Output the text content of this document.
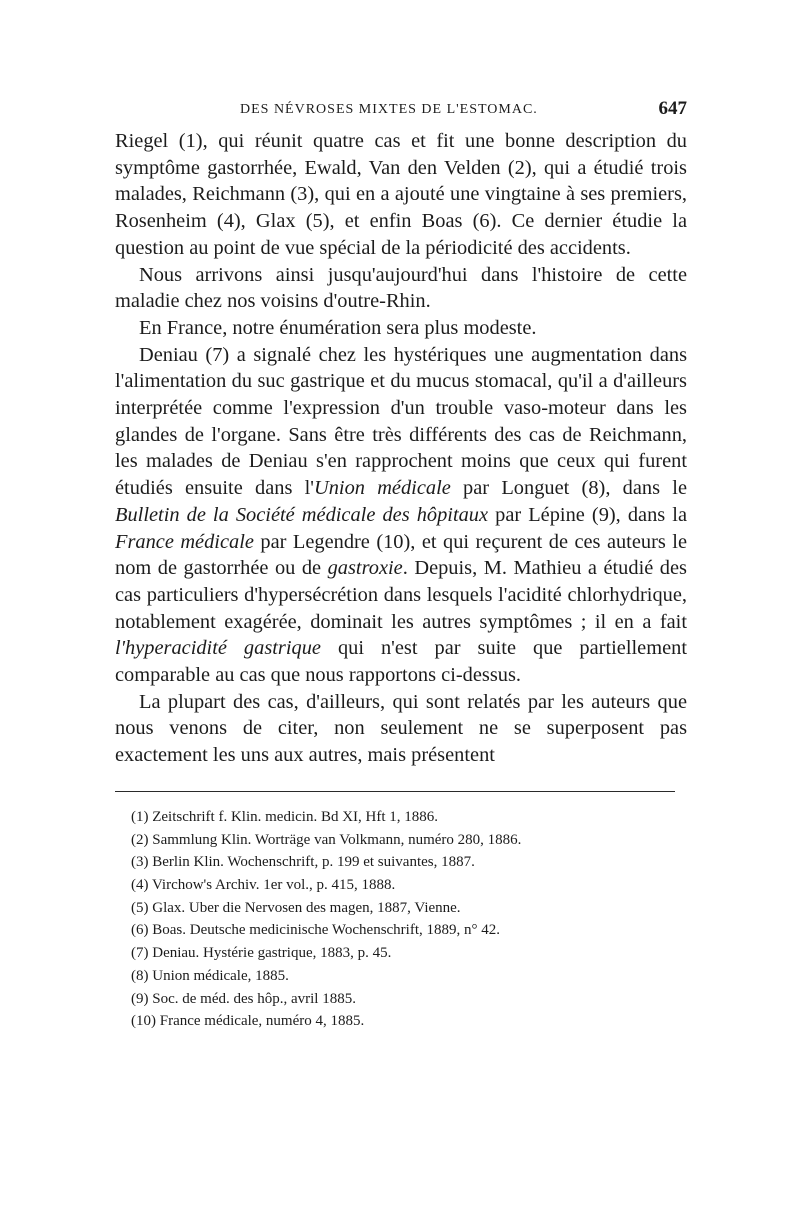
DES NÉVROSES MIXTES DE L'ESTOMAC.	647

Riegel (1), qui réunit quatre cas et fit une bonne description du symptôme gastorrhée, Ewald, Van den Velden (2), qui a étudié trois malades, Reichmann (3), qui en a ajouté une vingtaine à ses premiers, Rosenheim (4), Glax (5), et enfin Boas (6). Ce dernier étudie la question au point de vue spécial de la périodicité des accidents.

Nous arrivons ainsi jusqu'aujourd'hui dans l'histoire de cette maladie chez nos voisins d'outre-Rhin.

En France, notre énumération sera plus modeste.

Deniau (7) a signalé chez les hystériques une augmentation dans l'alimentation du suc gastrique et du mucus stomacal, qu'il a d'ailleurs interprétée comme l'expression d'un trouble vaso-moteur dans les glandes de l'organe. Sans être très différents des cas de Reichmann, les malades de Deniau s'en rapprochent moins que ceux qui furent étudiés ensuite dans l'Union médicale par Longuet (8), dans le Bulletin de la Société médicale des hôpitaux par Lépine (9), dans la France médicale par Legendre (10), et qui reçurent de ces auteurs le nom de gastorrhée ou de gastroxie. Depuis, M. Mathieu a étudié des cas particuliers d'hypersécrétion dans lesquels l'acidité chlorhydrique, notablement exagérée, dominait les autres symptômes ; il en a fait l'hyperacidité gastrique qui n'est par suite que partiellement comparable au cas que nous rapportons ci-dessus.

La plupart des cas, d'ailleurs, qui sont relatés par les auteurs que nous venons de citer, non seulement ne se superposent pas exactement les uns aux autres, mais présentent

(1) Zeitschrift f. Klin. medicin. Bd XI, Hft 1, 1886.
(2) Sammlung Klin. Worträge van Volkmann, numéro 280, 1886.
(3) Berlin Klin. Wochenschrift, p. 199 et suivantes, 1887.
(4) Virchow's Archiv. 1er vol., p. 415, 1888.
(5) Glax. Uber die Nervosen des magen, 1887, Vienne.
(6) Boas. Deutsche medicinische Wochenschrift, 1889, n° 42.
(7) Deniau. Hystérie gastrique, 1883, p. 45.
(8) Union médicale, 1885.
(9) Soc. de méd. des hôp., avril 1885.
(10) France médicale, numéro 4, 1885.
